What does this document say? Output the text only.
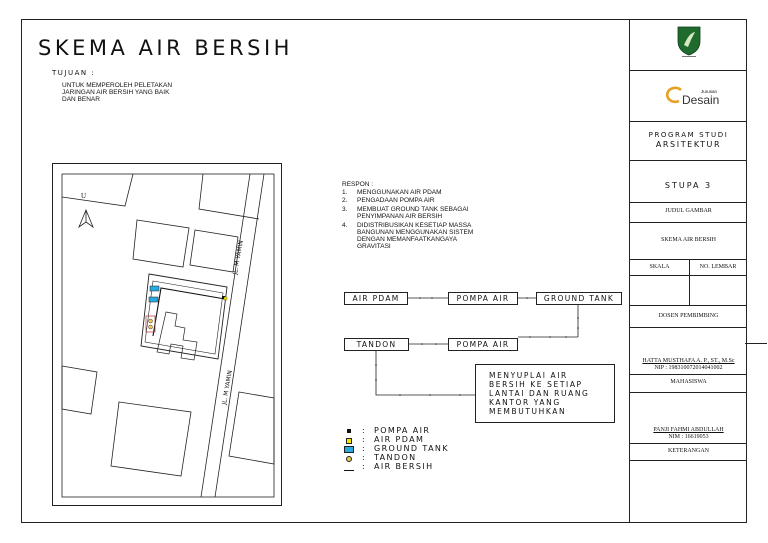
SKEMA AIR BERSIH
TUJUAN :
UNTUK MEMPEROLEH PELETAKAN
JARINGAN AIR BERSIH YANG BAIK
DAN BENAR
U
JL. M YAMIN
JL. M YAMIN
RESPON :
1. MENGGUNAKAN AIR PDAM
2. PENGADAAN POMPA AIR
3. MEMBUAT GROUND TANK SEBAGAI
PENYIMPANAN AIR BERSIH
4. DIDISTRIBUSIKAN KESETIAP MASSA
BANGUNAN MENGGUNAKAN SISTEM
DENGAN MEMANFAATKANGAYA
GRAVITASI
AIR PDAM	POMPA AIR	GROUND TANK
TANDON	POMPA AIR
MENYUPLAI AIR
BERSIH KE SETIAP
LANTAI DAN RUANG
KANTOR YANG
MEMBUTUHKAN
:
:
:
:
:
POMPA AIR
AIR PDAM
GROUND TANK
TANDON
AIR BERSIH
Jurusan
Desain
PROGRAM STUDI
ARSITEKTUR
STUPA 3
JUDUL GAMBAR
SKEMA AIR BERSIH
SKALA	NO. LEMBAR
DOSEN PEMBIMBING
HATTA MUSTHAFA A. P., ST., M.Sc
NIP : 198310072014041002
MAHASISWA
PANJI FAHMI ABDULLAH
NIM : 16619053
KETERANGAN
